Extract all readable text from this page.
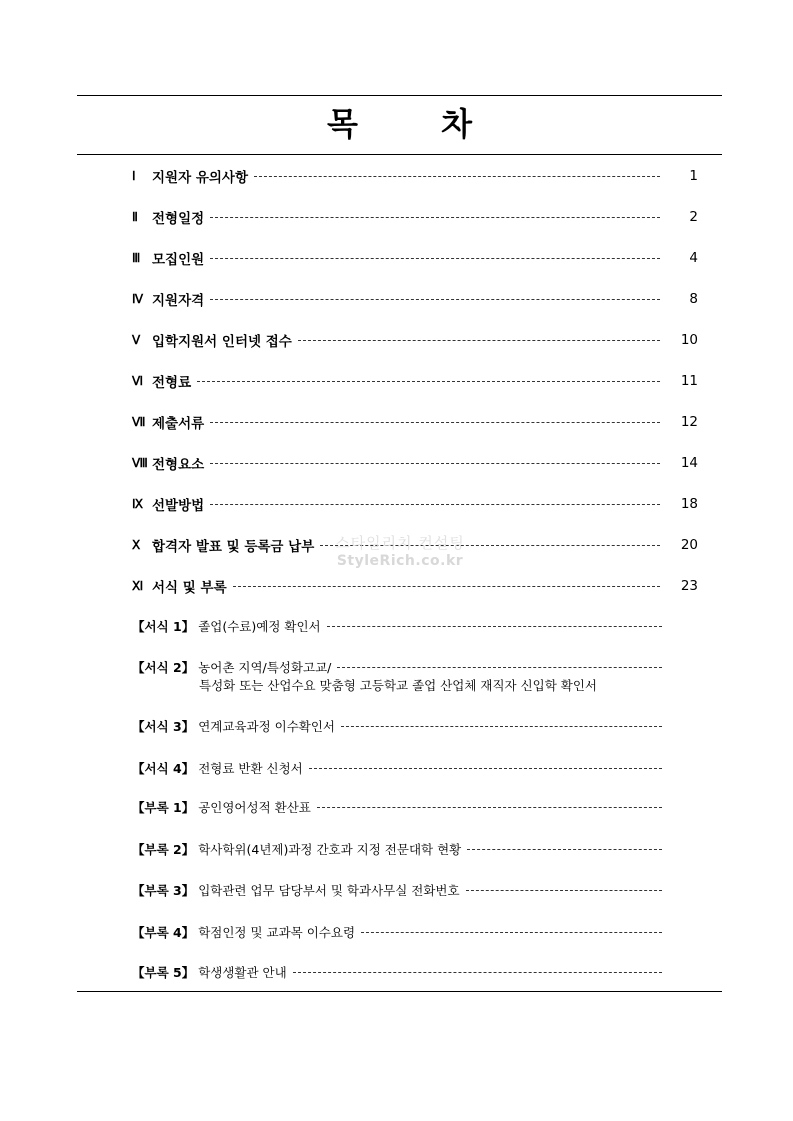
목 차
Ⅰ	지원자 유의사항	1
Ⅱ	전형일정	2
Ⅲ 모집인원	4
Ⅳ 지원자격	8
Ⅴ 입학지원서 인터넷 접수	10
Ⅵ 전형료	11
Ⅶ 제출서류	12
Ⅷ 전형요소	14
Ⅸ 선발방법	18
Ⅹ 합격자 발표 및 등록금 납부	20
Ⅺ 서식 및 부록	23
【서식 1】 졸업(수료)예정 확인서
【서식 2】 농어촌 지역/특성화고교/
특성화 또는 산업수요 맞춤형 고등학교 졸업 산업체 재직자 신입학 확인서
【서식 3】 연계교육과정 이수확인서
【서식 4】 전형료 반환 신청서
【부록 1】 공인영어성적 환산표
【부록 2】 학사학위(4년제)과정 간호과 지정 전문대학 현황
【부록 3】 입학관련 업무 담당부서 및 학과사무실 전화번호
【부록 4】 학점인정 및 교과목 이수요령
【부록 5】 학생생활관 안내
스타일리치 컨설팅
StyleRich.co.kr
